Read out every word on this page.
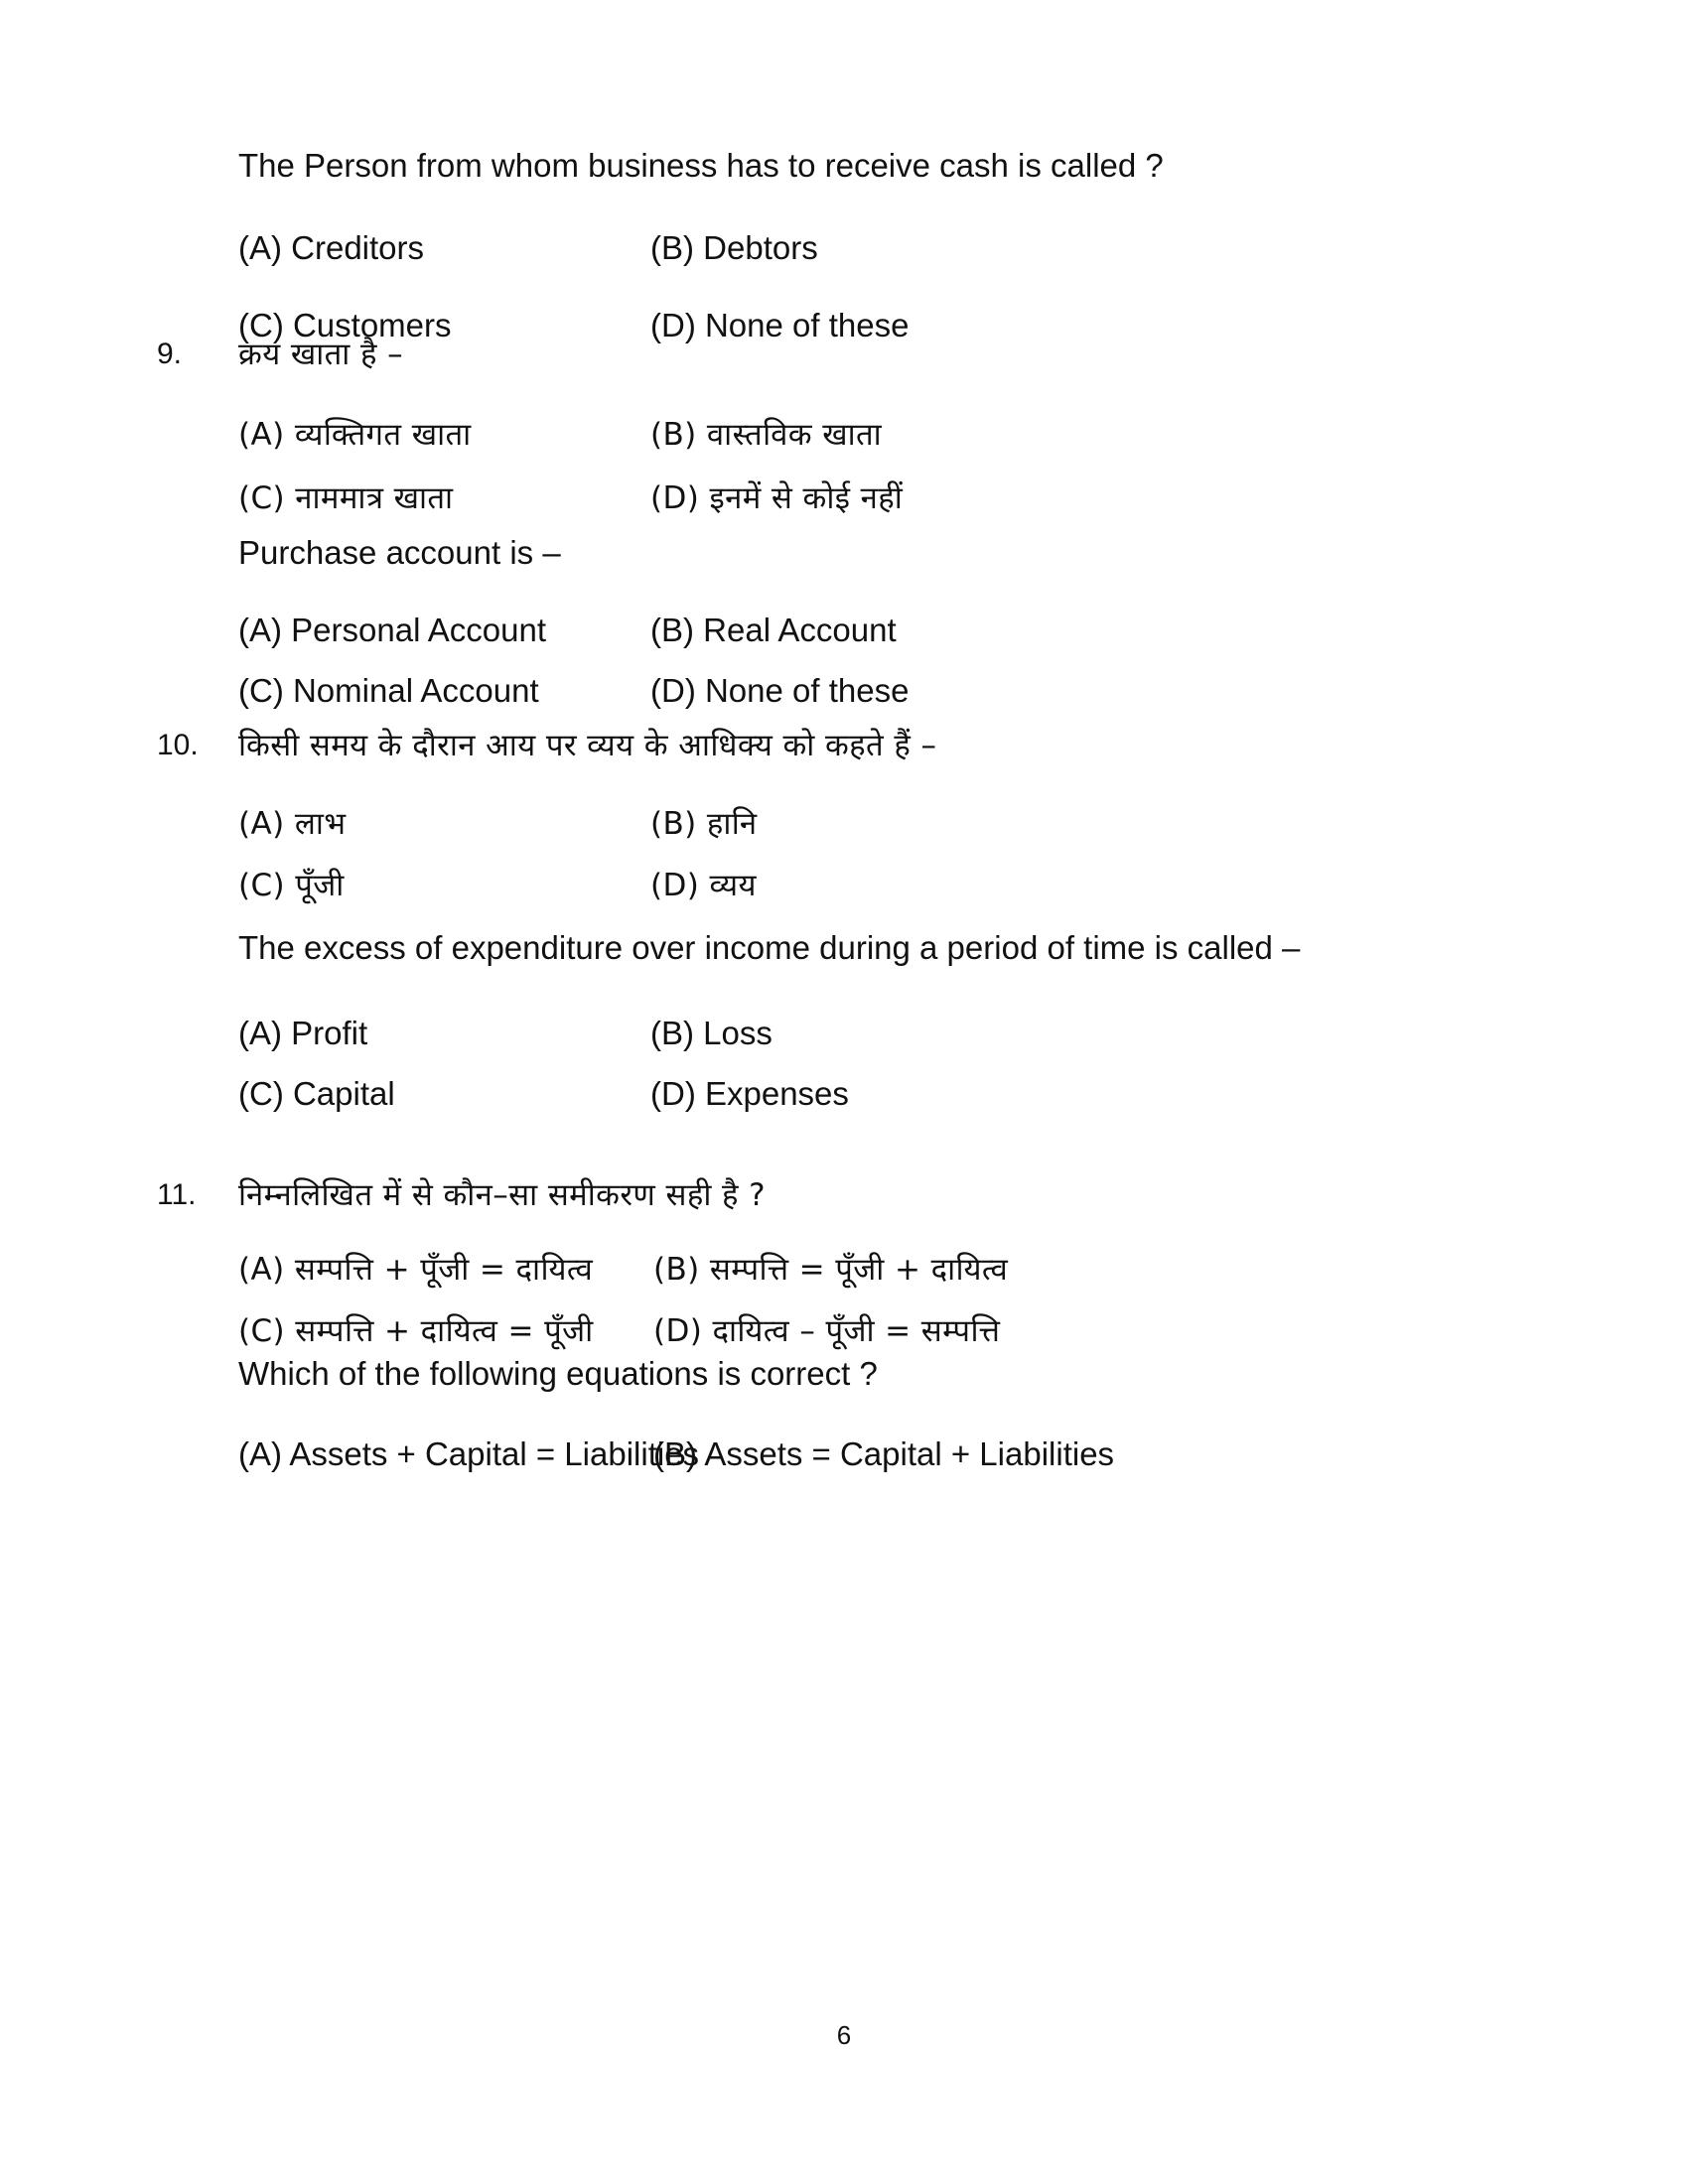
The Person from whom business has to receive cash is called ?
(A) Creditors	(B) Debtors
(C) Customers	(D) None of these
9.	क्रय खाता है –
(A) व्यक्तिगत खाता	(B) वास्तविक खाता
(C) नाममात्र खाता	(D) इनमें से कोई नहीं
Purchase account is –
(A) Personal Account	(B) Real Account
(C) Nominal Account	(D) None of these
10.	किसी समय के दौरान आय पर व्यय के आधिक्य को कहते हैं –
(A) लाभ	(B) हानि
(C) पूँजी	(D) व्यय
The excess of expenditure over income during a period of time is called –
(A) Profit	(B) Loss
(C) Capital	(D) Expenses
11.	निम्नलिखित में से कौन–सा समीकरण सही है ?
(A) सम्पत्ति + पूँजी = दायित्व (B) सम्पत्ति = पूँजी + दायित्व
(C) सम्पत्ति + दायित्व = पूँजी (D) दायित्व – पूँजी = सम्पत्ति
Which of the following equations is correct ?
(A) Assets + Capital = Liabilities
(B) Assets = Capital + Liabilities
6
